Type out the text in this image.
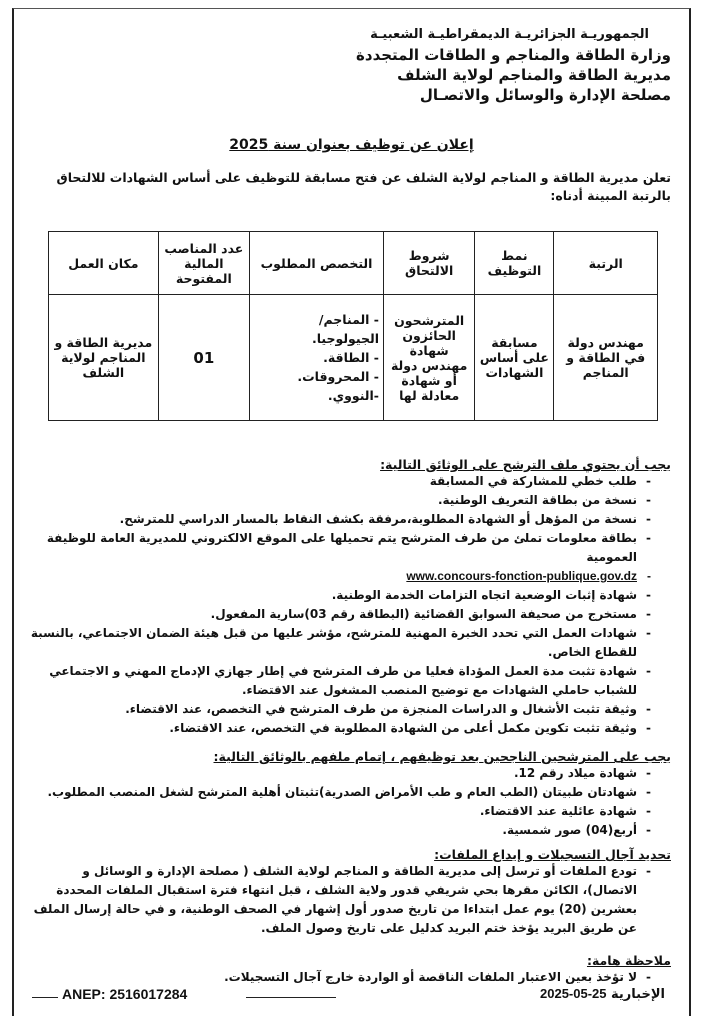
الجمهوريـة الجزائريـة الديمقراطيـة الشعبيـة
وزارة الطاقة والمناجم و الطاقات المتجددة
مديرية الطاقة والمناجم لولاية الشلف
مصلحة الإدارة والوسائل والاتصـال
إعلان عن توظيف بعنوان سنة 2025
تعلن مديرية الطاقة و المناجم لولاية الشلف عن فتح مسابقة للتوظيف على أساس الشهادات للالتحاق بالرتبة المبينة أدناه:
الرتبة	نمط التوظيف	شروط الالتحاق	التخصص المطلوب	عدد المناصب المالية المفتوحة	مكان العمل
مهندس دولة في الطاقة و المناجم	مسابقة على أساس الشهادات	المترشحون الحائزون شهادة مهندس دولة أو شهادة معادلة لها	- المناجم/ الجيولوجيا.
- الطاقة.
- المحروقات.
-النووي.	01	مديرية الطاقة و المناجم لولاية الشلف
يجب أن يحتوي ملف الترشح على الوثائق التالية:
- طلب خطي للمشاركة في المسابقة
- نسخة من بطاقة التعريف الوطنية.
- نسخة من المؤهل أو الشهادة المطلوبة،مرفقة بكشف النقاط بالمسار الدراسي للمترشح.
- بطاقة معلومات تملئ من طرف المترشح يتم تحميلها على الموقع الالكتروني للمديرية العامة للوظيفة العمومية
- www.concours-fonction-publique.gov.dz
- شهادة إثبات الوضعية اتجاه التزامات الخدمة الوطنية.
- مستخرج من صحيفة السوابق القضائية (البطاقة رقم 03)سارية المفعول.
- شهادات العمل التي تحدد الخبرة المهنية للمترشح، مؤشر عليها من قبل هيئة الضمان الاجتماعي، بالنسبة للقطاع الخاص.
- شهادة تثبت مدة العمل المؤداة فعليا من طرف المترشح في إطار جهازي الإدماج المهني و الاجتماعي للشباب حاملي الشهادات مع توضيح المنصب المشغول عند الاقتضاء.
- وثيقة تثبت الأشغال و الدراسات المنجزة من طرف المترشح في التخصص، عند الاقتضاء.
- وثيقة تثبت تكوين مكمل أعلى من الشهادة المطلوبة في التخصص، عند الاقتضاء.
يجب على المترشحين الناجحين بعد توظيفهم ، إتمام ملفهم بالوثائق التالية:
- شهادة ميلاد رقم 12.
- شهادتان طبيتان (الطب العام و طب الأمراض الصدرية)تثبتان أهلية المترشح لشغل المنصب المطلوب.
- شهادة عائلية عند الاقتضاء.
- أربع(04) صور شمسية.
تحديد آجال التسجيلات و إيداع الملفات:
- تودع الملفات أو ترسل إلى مديرية الطاقة و المناجم لولاية الشلف ( مصلحة الإدارة و الوسائل و الاتصال)، الكائن مقرها بحي شريفي قدور ولاية الشلف ، قبل انتهاء فترة استقبال الملفات المحددة بعشرين (20) يوم عمل ابتداءا من تاريخ صدور أول إشهار في الصحف الوطنية، و في حالة إرسال الملف عن طريق البريد يؤخذ ختم البريد كدليل على تاريخ وصول الملف.
ملاحظة هامة:
- لا تؤخذ بعين الاعتبار الملفات الناقصة أو الواردة خارج آجال التسجيلات.
ANEP: 2516017284	الإخبارية 2025-05-25
